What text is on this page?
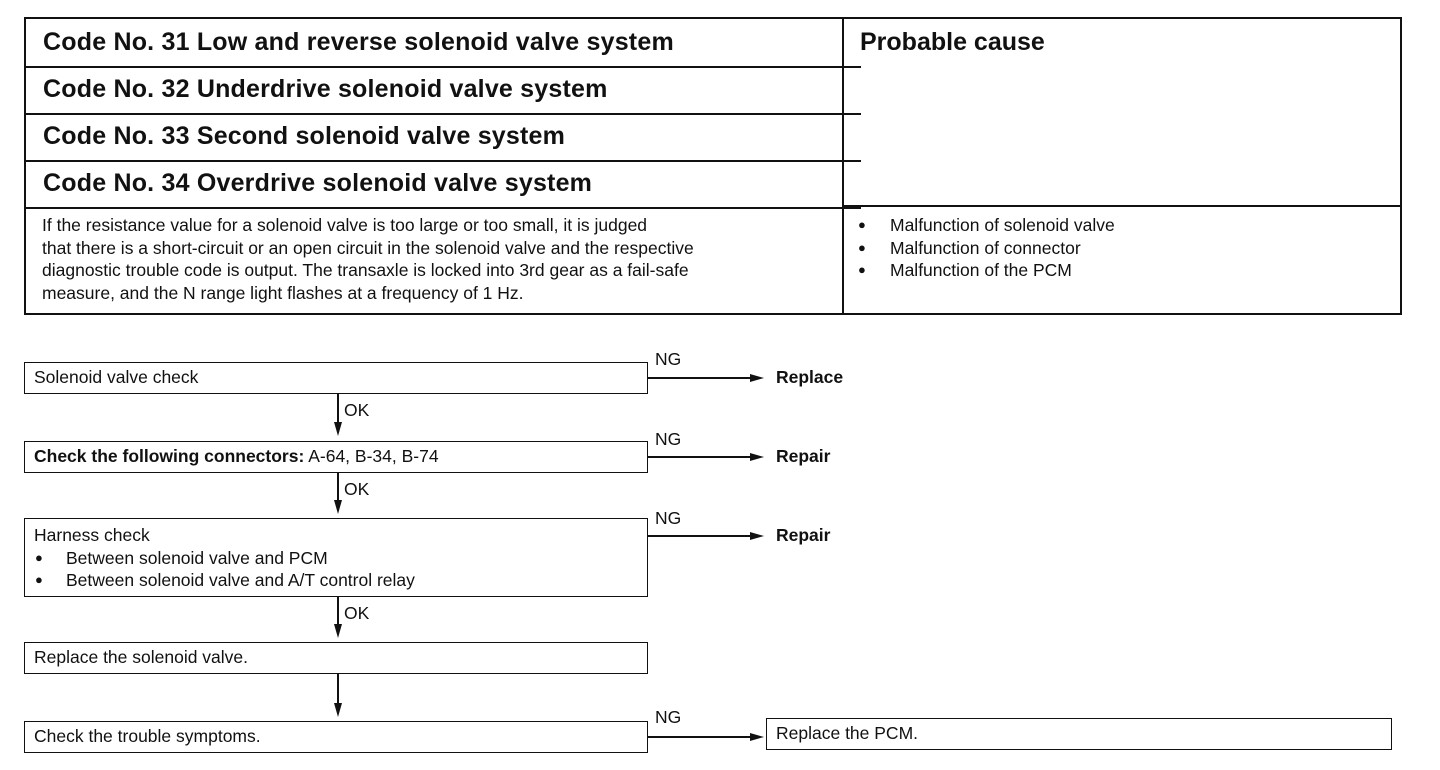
Code No. 31 Low and reverse solenoid valve system
Code No. 32 Underdrive solenoid valve system
Code No. 33 Second solenoid valve system
Code No. 34 Overdrive solenoid valve system
Probable cause
If the resistance value for a solenoid valve is too large or too small, it is judged
that there is a short-circuit or an open circuit in the solenoid valve and the respective
diagnostic trouble code is output. The transaxle is locked into 3rd gear as a fail-safe
measure, and the N range light flashes at a frequency of 1 Hz.
● Malfunction of solenoid valve
● Malfunction of connector
● Malfunction of the PCM
Solenoid valve check
NG
Replace
OK
Check the following connectors: A-64, B-34, B-74
NG
Repair
OK
Harness check
● Between solenoid valve and PCM
● Between solenoid valve and A/T control relay
NG
Repair
OK
Replace the solenoid valve.
Check the trouble symptoms.
NG
Replace the PCM.
